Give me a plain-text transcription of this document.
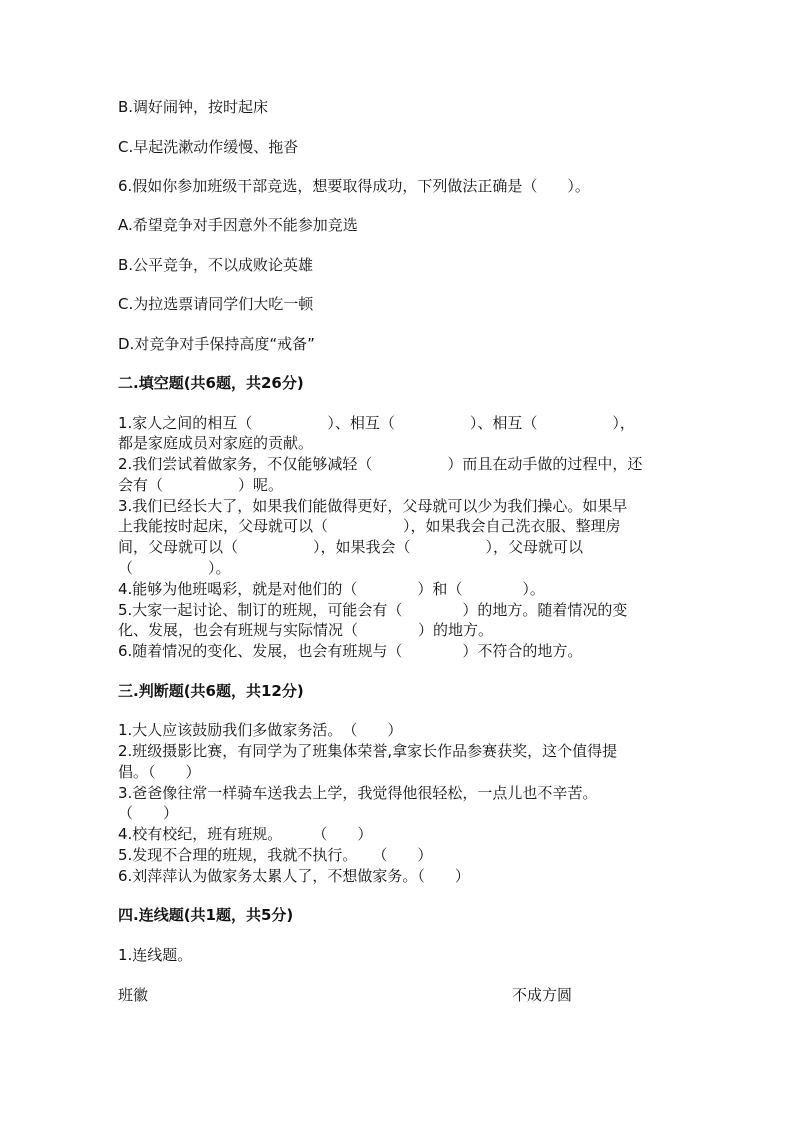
B.调好闹钟，按时起床
C.早起洗漱动作缓慢、拖沓
6.假如你参加班级干部竞选，想要取得成功，下列做法正确是（　　）。
A.希望竞争对手因意外不能参加竞选
B.公平竞争，不以成败论英雄
C.为拉选票请同学们大吃一顿
D.对竞争对手保持高度“戒备”
二.填空题(共6题，共26分)
1.家人之间的相互（　　　　　）、相互（　　　　　）、相互（　　　　　），
都是家庭成员对家庭的贡献。
2.我们尝试着做家务，不仅能够减轻（　　　　　）而且在动手做的过程中，还
会有（　　　　　）呢。
3.我们已经长大了，如果我们能做得更好，父母就可以少为我们操心。如果早
上我能按时起床，父母就可以（　　　　　），如果我会自己洗衣服、整理房
间，父母就可以（　　　　　），如果我会（　　　　　），父母就可以
（　　　　　）。
4.能够为他班喝彩，就是对他们的（　　　　）和（　　　　）。
5.大家一起讨论、制订的班规，可能会有（　　　　）的地方。随着情况的变
化、发展，也会有班规与实际情况（　　　　）的地方。
6.随着情况的变化、发展，也会有班规与（　　　　）不符合的地方。
三.判断题(共6题，共12分)
1.大人应该鼓励我们多做家务活。　（　　）
2.班级摄影比赛，有同学为了班集体荣誉,拿家长作品参赛获奖，这个值得提
倡。（　　）
3.爸爸像往常一样骑车送我去上学，我觉得他很轻松，一点儿也不辛苦。
（　　）
4.校有校纪，班有班规。　　　（　　）
5.发现不合理的班规，我就不执行。　　（　　）
6.刘萍萍认为做家务太累人了，不想做家务。（　　）
四.连线题(共1题，共5分)
1.连线题。
班徽	不成方圆
